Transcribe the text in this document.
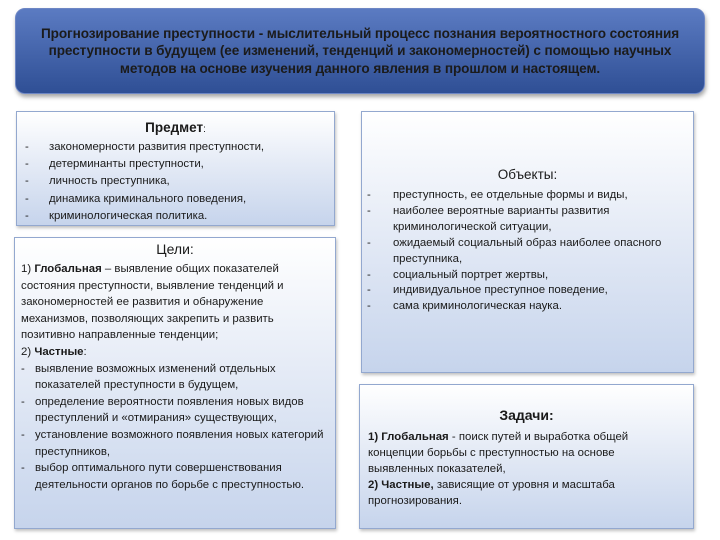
Прогнозирование преступности - мыслительный процесс познания вероятностного состояния преступности в будущем (ее изменений, тенденций и закономерностей) с помощью научных методов на основе изучения данного явления в прошлом и настоящем.
Предмет:
- закономерности развития преступности,
- детерминанты преступности,
- личность преступника,
- динамика криминального поведения,
- криминологическая политика.
Объекты:
- преступность, ее отдельные формы и виды,
- наиболее вероятные варианты развития криминологической ситуации,
- ожидаемый социальный образ наиболее опасного преступника,
- социальный портрет жертвы,
- индивидуальное преступное поведение,
- сама криминологическая наука.
Цели:

1) Глобальная – выявление общих показателей состояния преступности, выявление тенденций и закономерностей ее развития и обнаружение механизмов, позволяющих закрепить и развить позитивно направленные тенденции;

2) Частные:

- выявление возможных изменений отдельных показателей преступности в будущем,
- определение вероятности появления новых видов преступлений и «отмирания» существующих,
- установление возможного появления новых категорий преступников,
- выбор оптимального пути совершенствования деятельности органов по борьбе с преступностью.
Задачи:

1) Глобальная - поиск путей и выработка общей концепции борьбы с преступностью на основе выявленных показателей,

2) Частные, зависящие от уровня и масштаба прогнозирования.
